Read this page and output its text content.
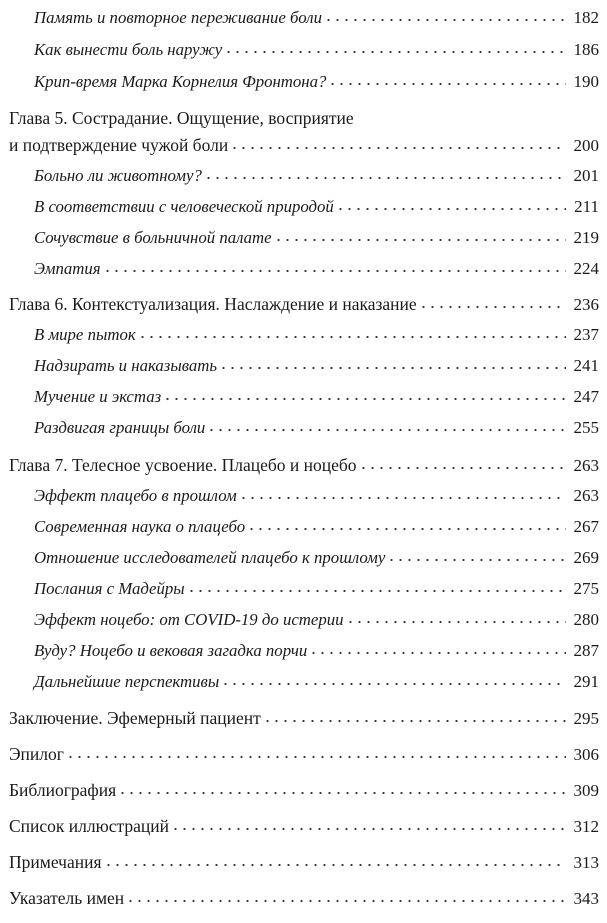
Память и повторное переживание боли	182
Как вынести боль наружу	186
Крип-время Марка Корнелия Фронтона?	190
Глава 5. Сострадание. Ощущение, восприятие
и подтверждение чужой боли	200
Больно ли животному?	201
В соответствии с человеческой природой	211
Сочувствие в больничной палате	219
Эмпатия	224
Глава 6. Контекстуализация. Наслаждение и наказание	236
В мире пыток	237
Надзирать и наказывать	241
Мучение и экстаз	247
Раздвигая границы боли	255
Глава 7. Телесное усвоение. Плацебо и ноцебо	263
Эффект плацебо в прошлом	263
Современная наука о плацебо	267
Отношение исследователей плацебо к прошлому	269
Послания с Мадейры	275
Эффект ноцебо: от COVID-19 до истерии	280
Вуду? Ноцебо и вековая загадка порчи	287
Дальнейшие перспективы	291
Заключение. Эфемерный пациент	295
Эпилог	306
Библиография	309
Список иллюстраций	312
Примечания	313
Указатель имен	343
